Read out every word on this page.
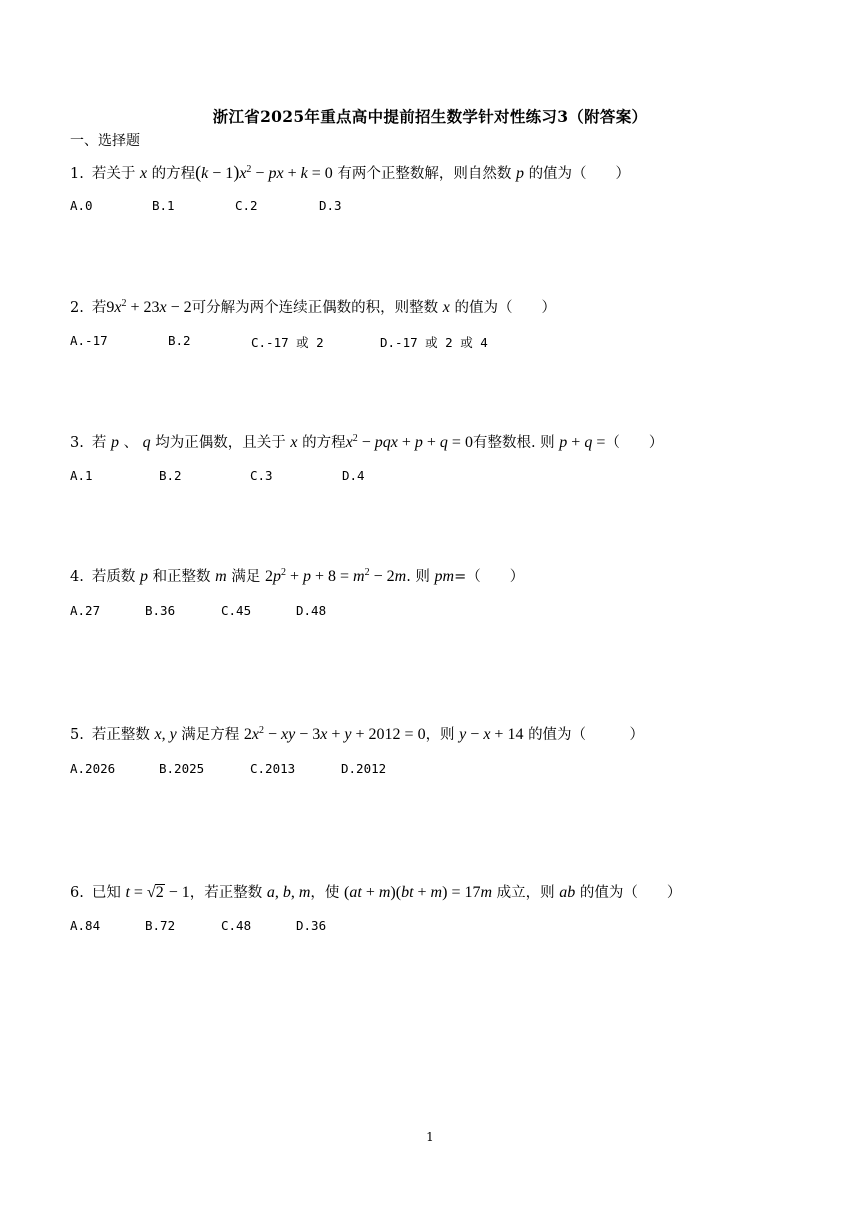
浙江省2025年重点高中提前招生数学针对性练习3（附答案）
一、选择题
1. 若关于 x 的方程$(k - 1)x^2$ − px + k = 0 有两个正整数解，则自然数 p 的值为（　　）
A.0	B.1	C.2	D.3
2. 若$9x^2 + 23x - 2$可分解为两个连续正偶数的积，则整数 x 的值为（　　）
A.-17	B.2	C.-17 或 2	D.-17 或 2 或 4
3. 若 p 、 q 均为正偶数，且关于 x 的方程$x^2$ − pqx + p + q = 0有整数根. 则 p + q =（　　）
A.1	B.2	C.3	D.4
4. 若质数 p 和正整数 m 满足 $2p^2 + p + 8 = m^2 - 2m$. 则 pm=（　　）
A.27	B.36	C.45	D.48
5. 若正整数 x, y 满足方程 $2x^2$ − xy − 3x + y + 2012 = 0，则 y − x + 14 的值为（　　　）
A.2026	B.2025	C.2013	D.2012
6. 已知 t = √2 − 1，若正整数 a, b, m，使 (at + m)(bt + m) = 17m 成立，则 ab 的值为（　　）
A.84	B.72	C.48	D.36
1
